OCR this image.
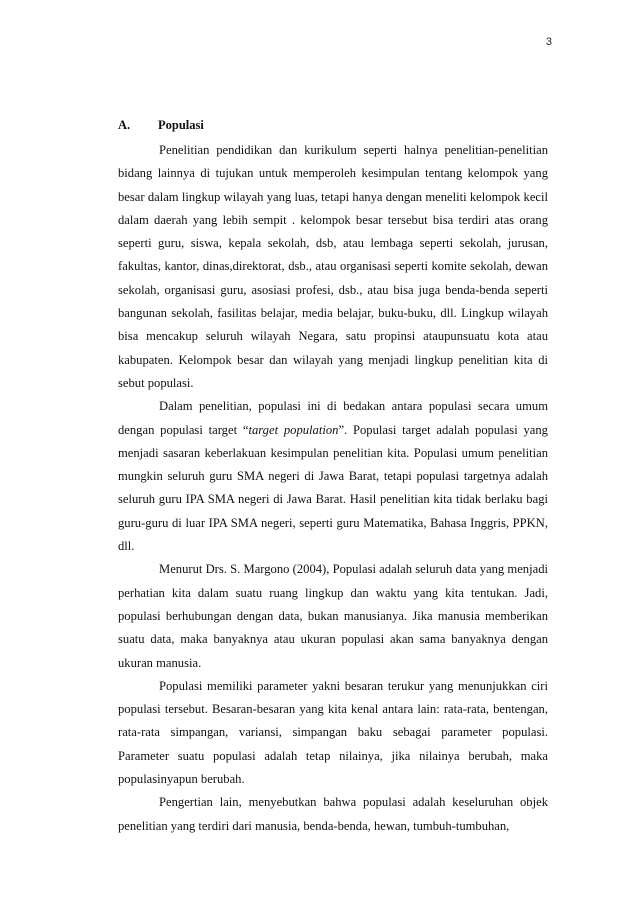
3
A. Populasi

Penelitian pendidikan dan kurikulum seperti halnya penelitian-penelitian bidang lainnya di tujukan untuk memperoleh kesimpulan tentang kelompok yang besar dalam lingkup wilayah yang luas, tetapi hanya dengan meneliti kelompok kecil dalam daerah yang lebih sempit . kelompok besar tersebut bisa terdiri atas orang seperti guru, siswa, kepala sekolah, dsb, atau lembaga seperti sekolah, jurusan, fakultas, kantor, dinas,direktorat, dsb., atau organisasi seperti komite sekolah, dewan sekolah, organisasi guru, asosiasi profesi, dsb., atau bisa juga benda-benda seperti bangunan sekolah, fasilitas belajar, media belajar, buku-buku, dll. Lingkup wilayah bisa mencakup seluruh wilayah Negara, satu propinsi ataupunsuatu kota atau kabupaten. Kelompok besar dan wilayah yang menjadi lingkup penelitian kita di sebut populasi.

Dalam penelitian, populasi ini di bedakan antara populasi secara umum dengan populasi target “target population”. Populasi target adalah populasi yang menjadi sasaran keberlakuan kesimpulan penelitian kita. Populasi umum penelitian mungkin seluruh guru SMA negeri di Jawa Barat, tetapi populasi targetnya adalah seluruh guru IPA SMA negeri di Jawa Barat. Hasil penelitian kita tidak berlaku bagi guru-guru di luar IPA SMA negeri, seperti guru Matematika, Bahasa Inggris, PPKN, dll.

Menurut Drs. S. Margono (2004), Populasi adalah seluruh data yang menjadi perhatian kita dalam suatu ruang lingkup dan waktu yang kita tentukan. Jadi, populasi berhubungan dengan data, bukan manusianya. Jika manusia memberikan suatu data, maka banyaknya atau ukuran populasi akan sama banyaknya dengan ukuran manusia.

Populasi memiliki parameter yakni besaran terukur yang menunjukkan ciri populasi tersebut. Besaran-besaran yang kita kenal antara lain: rata-rata, bentengan, rata-rata simpangan, variansi, simpangan baku sebagai parameter populasi. Parameter suatu populasi adalah tetap nilainya, jika nilainya berubah, maka populasinyapun berubah.

Pengertian lain, menyebutkan bahwa populasi adalah keseluruhan objek penelitian yang terdiri dari manusia, benda-benda, hewan, tumbuh-tumbuhan,
